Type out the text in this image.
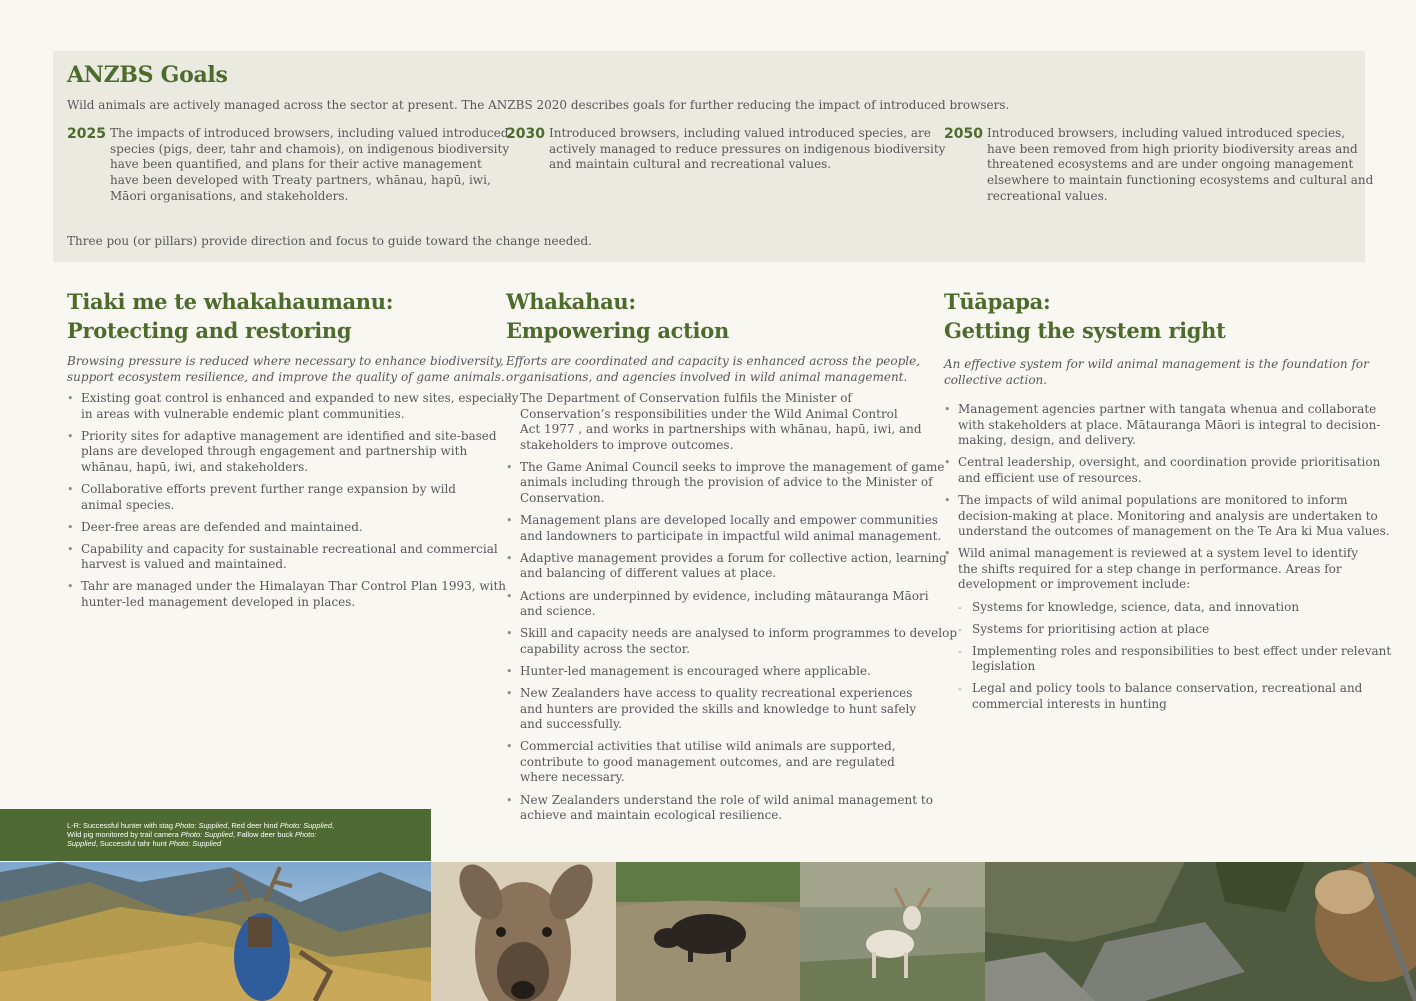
ANZBS Goals

Wild animals are actively managed across the sector at present. The ANZBS 2020 describes goals for further reducing the impact of introduced browsers.

2025 The impacts of introduced browsers, including valued introduced
species (pigs, deer, tahr and chamois), on indigenous biodiversity
have been quantified, and plans for their active management
have been developed with Treaty partners, whānau, hapū, iwi,
Māori organisations, and stakeholders.

2030 Introduced browsers, including valued introduced species, are
actively managed to reduce pressures on indigenous biodiversity
and maintain cultural and recreational values.

2050 Introduced browsers, including valued introduced species,
have been removed from high priority biodiversity areas and
threatened ecosystems and are under ongoing management
elsewhere to maintain functioning ecosystems and cultural and
recreational values.

Three pou (or pillars) provide direction and focus to guide toward the change needed.

Tiaki me te whakahaumanu:
Protecting and restoring

Browsing pressure is reduced where necessary to enhance biodiversity,
support ecosystem resilience, and improve the quality of game animals.

• Existing goat control is enhanced and expanded to new sites, especially
in areas with vulnerable endemic plant communities.
• Priority sites for adaptive management are identified and site-based
plans are developed through engagement and partnership with
whānau, hapū, iwi, and stakeholders.
• Collaborative efforts prevent further range expansion by wild
animal species.
• Deer-free areas are defended and maintained.
• Capability and capacity for sustainable recreational and commercial
harvest is valued and maintained.
• Tahr are managed under the Himalayan Thar Control Plan 1993, with
hunter-led management developed in places.
Whakahau:
Empowering action

Efforts are coordinated and capacity is enhanced across the people,
organisations, and agencies involved in wild animal management.

• The Department of Conservation fulfils the Minister of
Conservation’s responsibilities under the Wild Animal Control
Act 1977 , and works in partnerships with whānau, hapū, iwi, and
stakeholders to improve outcomes.
• The Game Animal Council seeks to improve the management of game
animals including through the provision of advice to the Minister of
Conservation.
• Management plans are developed locally and empower communities
and landowners to participate in impactful wild animal management.
• Adaptive management provides a forum for collective action, learning
and balancing of different values at place.
• Actions are underpinned by evidence, including mātauranga Māori
and science.
• Skill and capacity needs are analysed to inform programmes to develop
capability across the sector.
• Hunter-led management is encouraged where applicable.
• New Zealanders have access to quality recreational experiences
and hunters are provided the skills and knowledge to hunt safely
and successfully.
• Commercial activities that utilise wild animals are supported,
contribute to good management outcomes, and are regulated
where necessary.
• New Zealanders understand the role of wild animal management to
achieve and maintain ecological resilience.
Tūāpapa:
Getting the system right

An effective system for wild animal management is the foundation for
collective action.

• Management agencies partner with tangata whenua and collaborate
with stakeholders at place. Mātauranga Māori is integral to decision-
making, design, and delivery.
• Central leadership, oversight, and coordination provide prioritisation
and efficient use of resources.
• The impacts of wild animal populations are monitored to inform
decision-making at place. Monitoring and analysis are undertaken to
understand the outcomes of management on the Te Ara ki Mua values.
• Wild animal management is reviewed at a system level to identify
the shifts required for a step change in performance. Areas for
development or improvement include:
- Systems for knowledge, science, data, and innovation
- Systems for prioritising action at place
- Implementing roles and responsibilities to best effect under relevant
legislation
- Legal and policy tools to balance conservation, recreational and
commercial interests in hunting

L-R: Successful hunter with stag Photo: Supplied, Red deer hind Photo: Supplied,
Wild pig monitored by trail camera Photo: Supplied, Fallow deer buck Photo:
Supplied, Successful tahr hunt Photo: Supplied
